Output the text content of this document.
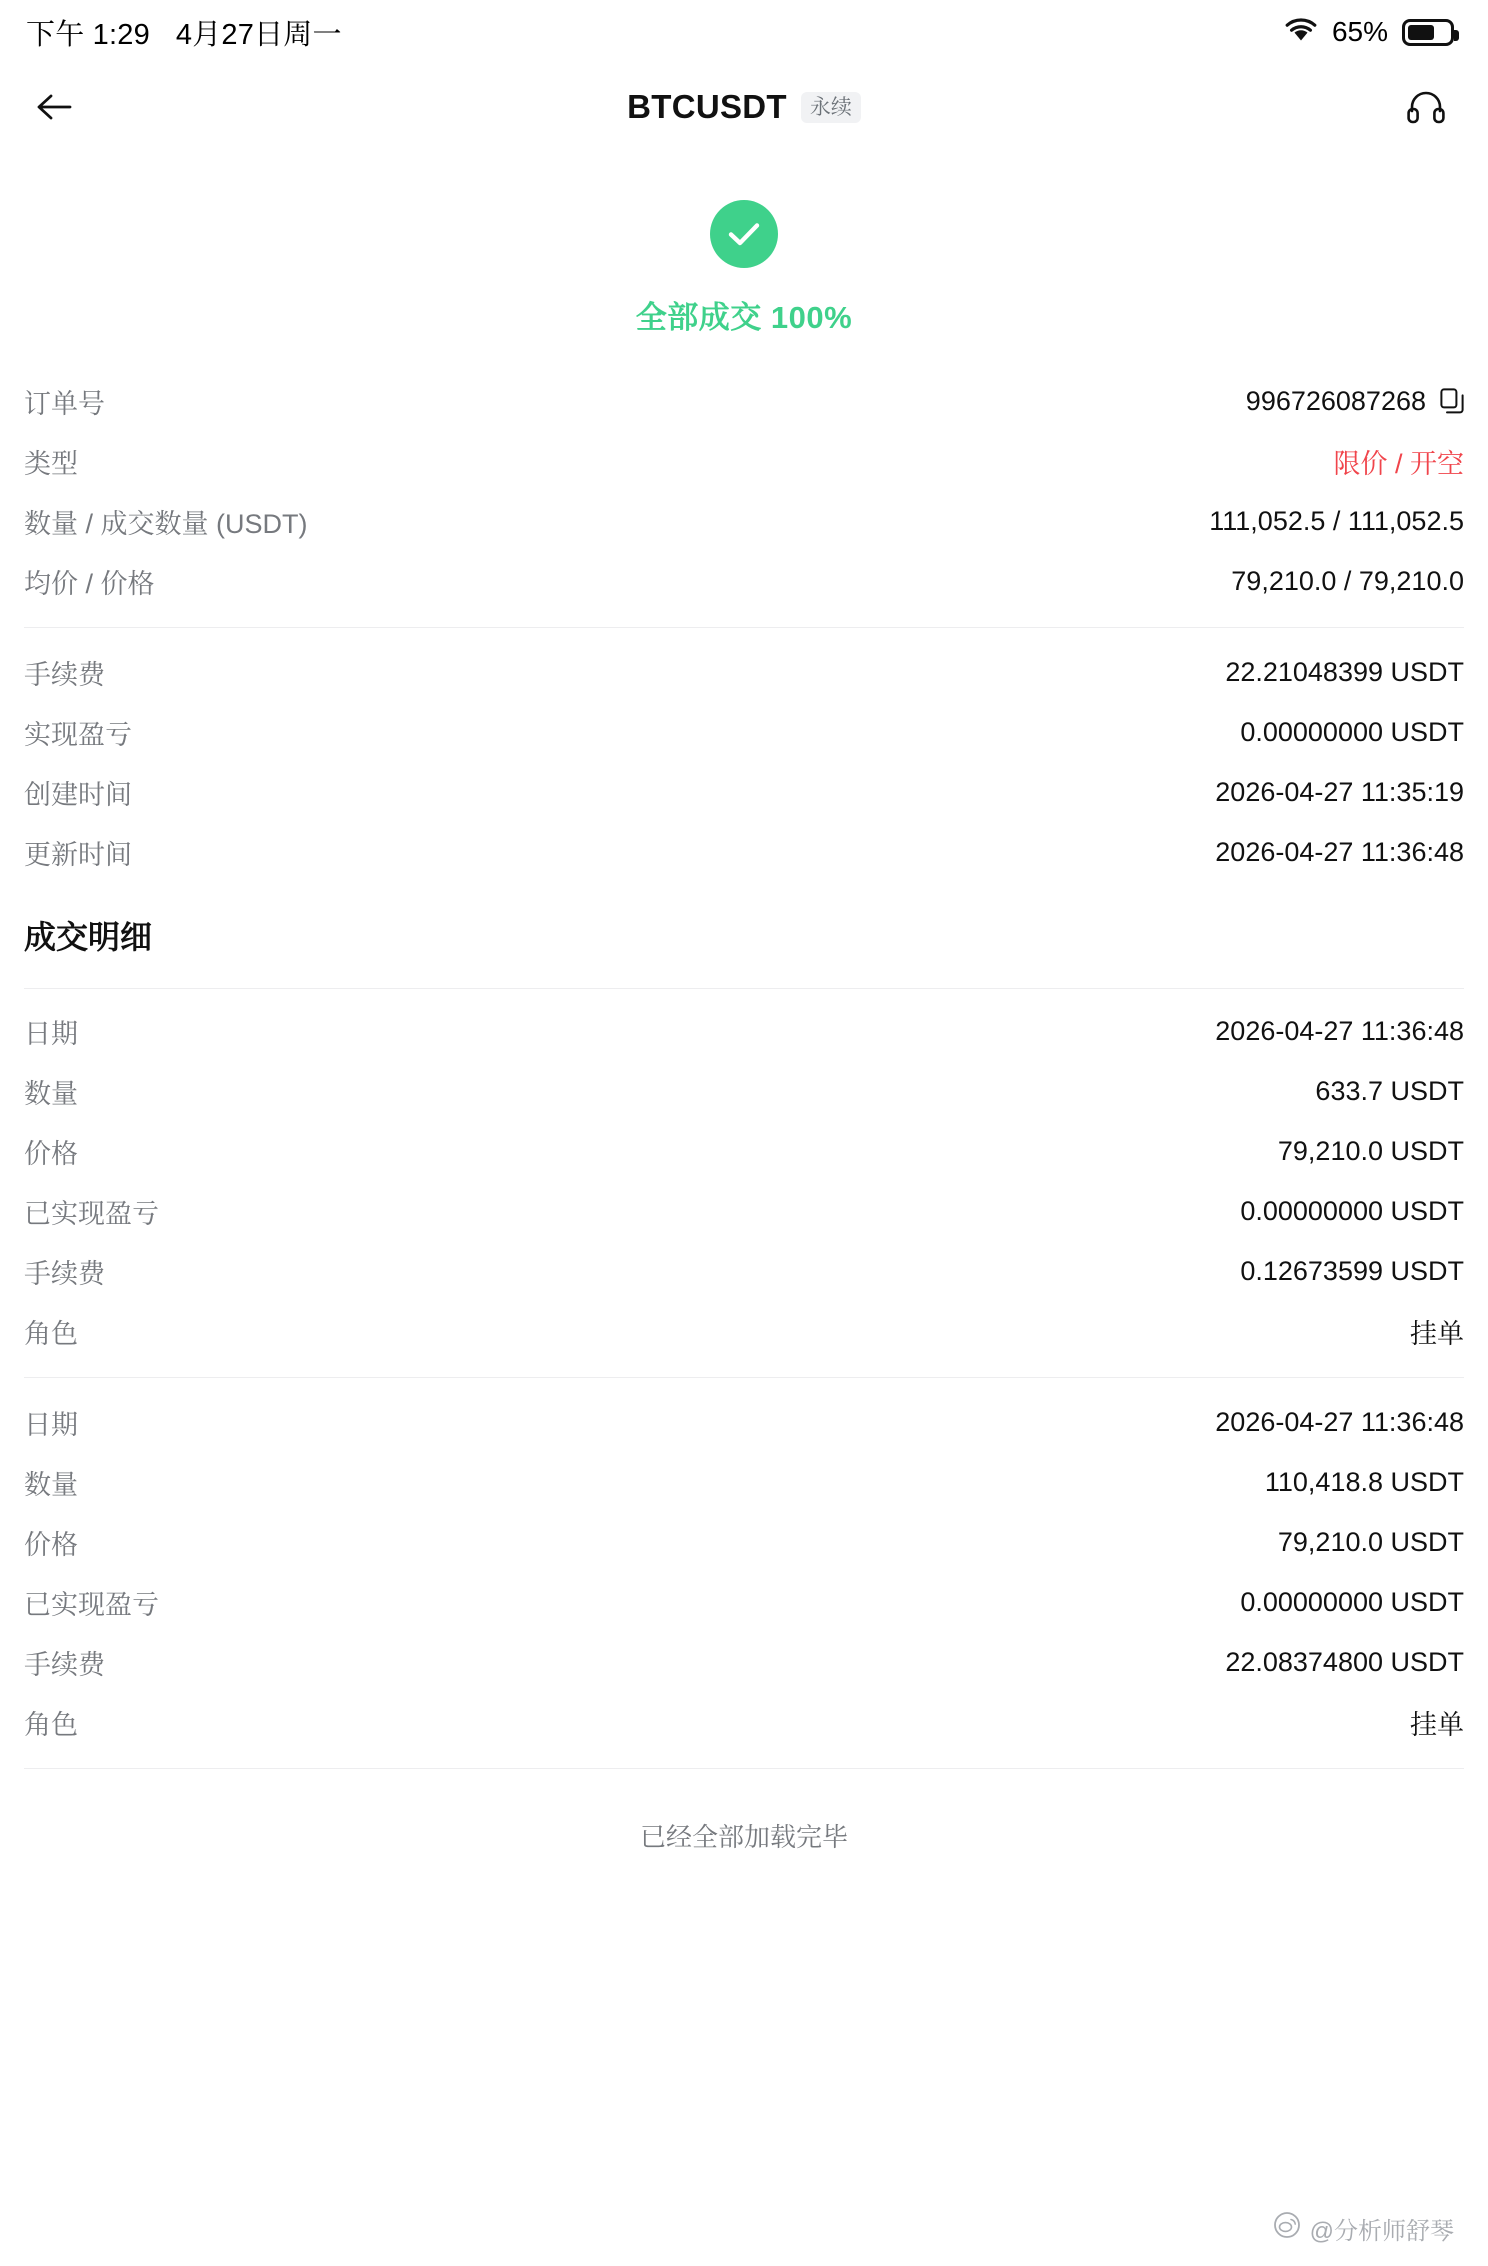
下午 1:29 4月27日周一	65%
BTCUSDT	永续
全部成交 100%
订单号	996726087268
类型	限价 / 开空
数量 / 成交数量 (USDT)	111,052.5 / 111,052.5
均价 / 价格	79,210.0 / 79,210.0
手续费	22.21048399 USDT
实现盈亏	0.00000000 USDT
创建时间	2026-04-27 11:35:19
更新时间	2026-04-27 11:36:48
成交明细
日期	2026-04-27 11:36:48
数量	633.7 USDT
价格	79,210.0 USDT
已实现盈亏	0.00000000 USDT
手续费	0.12673599 USDT
角色	挂单
日期	2026-04-27 11:36:48
数量	110,418.8 USDT
价格	79,210.0 USDT
已实现盈亏	0.00000000 USDT
手续费	22.08374800 USDT
角色	挂单
已经全部加载完毕
@分析师舒琴
